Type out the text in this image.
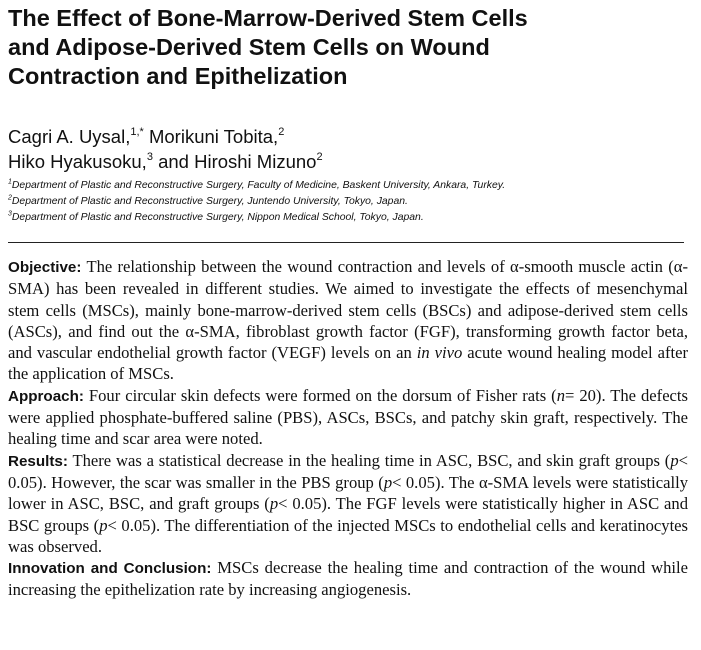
The Effect of Bone-Marrow-Derived Stem Cells
and Adipose-Derived Stem Cells on Wound
Contraction and Epithelization
Cagri A. Uysal,$^{1,*}$ Morikuni Tobita,$^2$
Hiko Hyakusoku,$^3$ and Hiroshi Mizuno$^2$
$^1$Department of Plastic and Reconstructive Surgery, Faculty of Medicine, Baskent University, Ankara, Turkey.
$^2$Department of Plastic and Reconstructive Surgery, Juntendo University, Tokyo, Japan.
$^3$Department of Plastic and Reconstructive Surgery, Nippon Medical School, Tokyo, Japan.

Objective: The relationship between the wound contraction and levels of α-smooth muscle actin (α-SMA) has been revealed in different studies. We aimed to investigate the effects of mesenchymal stem cells (MSCs), mainly bone-marrow-derived stem cells (BSCs) and adipose-derived stem cells (ASCs), and find out the α-SMA, fibroblast growth factor (FGF), transforming growth factor beta, and vascular endothelial growth factor (VEGF) levels on an in vivo acute wound healing model after the application of MSCs.

Approach: Four circular skin defects were formed on the dorsum of Fisher rats (n= 20). The defects were applied phosphate-buffered saline (PBS), ASCs, BSCs, and patchy skin graft, respectively. The healing time and scar area were noted.

Results: There was a statistical decrease in the healing time in ASC, BSC, and skin graft groups (p< 0.05). However, the scar was smaller in the PBS group (p< 0.05). The α-SMA levels were statistically lower in ASC, BSC, and graft groups (p< 0.05). The FGF levels were statistically higher in ASC and BSC groups (p< 0.05). The differentiation of the injected MSCs to endothelial cells and keratinocytes was observed.

Innovation and Conclusion: MSCs decrease the healing time and contraction of the wound while increasing the epithelization rate by increasing angiogenesis.
